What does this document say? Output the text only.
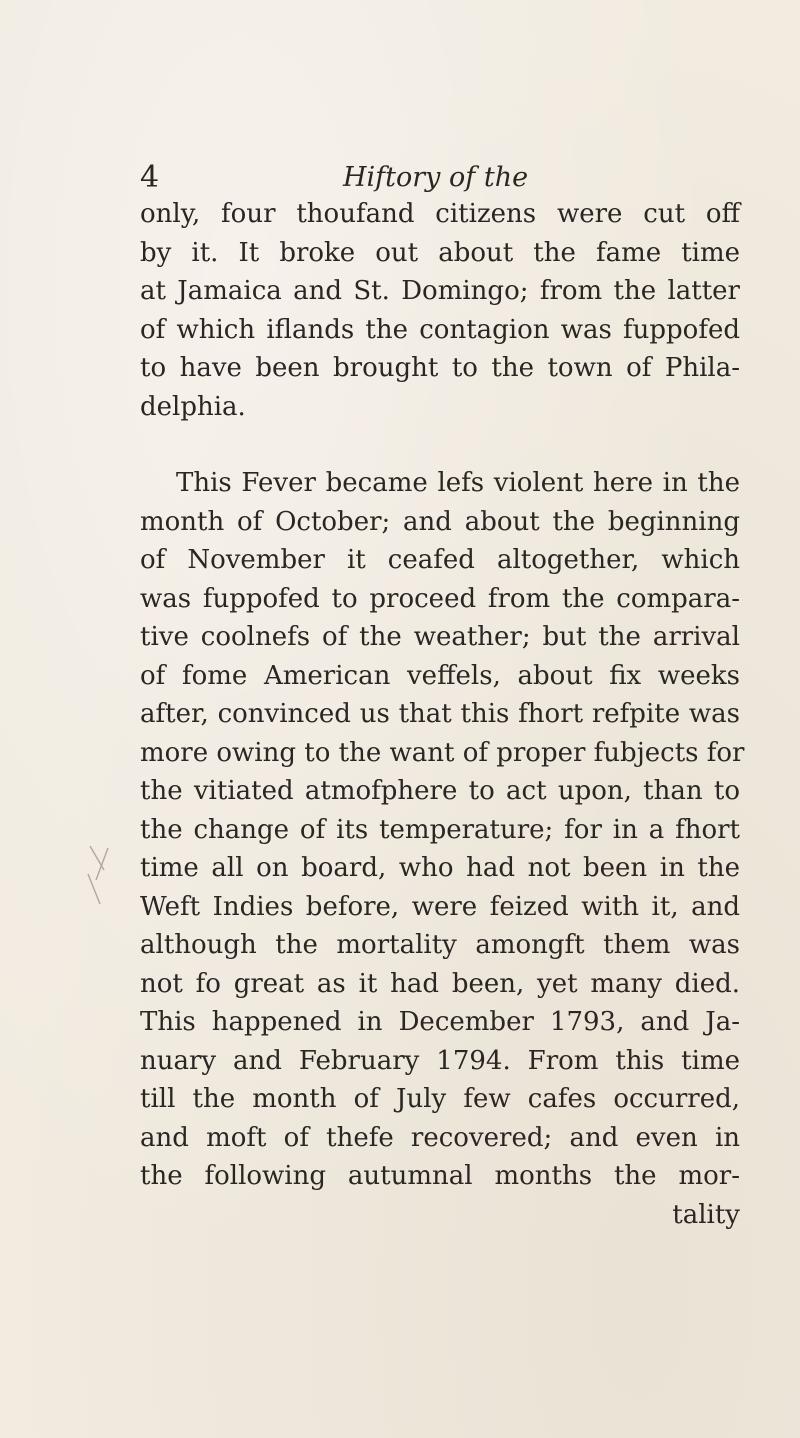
4	Hiftory of the
only, four thoufand citizens were cut off
by it. It broke out about the fame time
at Jamaica and St. Domingo; from the latter
of which iflands the contagion was fuppofed
to have been brought to the town of Phila-
delphia.
This Fever became lefs violent here in the
month of October; and about the beginning
of November it ceafed altogether, which
was fuppofed to proceed from the compara-
tive coolnefs of the weather; but the arrival
of fome American veffels, about fix weeks
after, convinced us that this fhort refpite was
more owing to the want of proper fubjects for
the vitiated atmofphere to act upon, than to
the change of its temperature; for in a fhort
time all on board, who had not been in the
Weft Indies before, were feized with it, and
although the mortality amongft them was
not fo great as it had been, yet many died.
This happened in December 1793, and Ja-
nuary and February 1794. From this time
till the month of July few cafes occurred,
and moft of thefe recovered; and even in
the following autumnal months the mor-
tality
